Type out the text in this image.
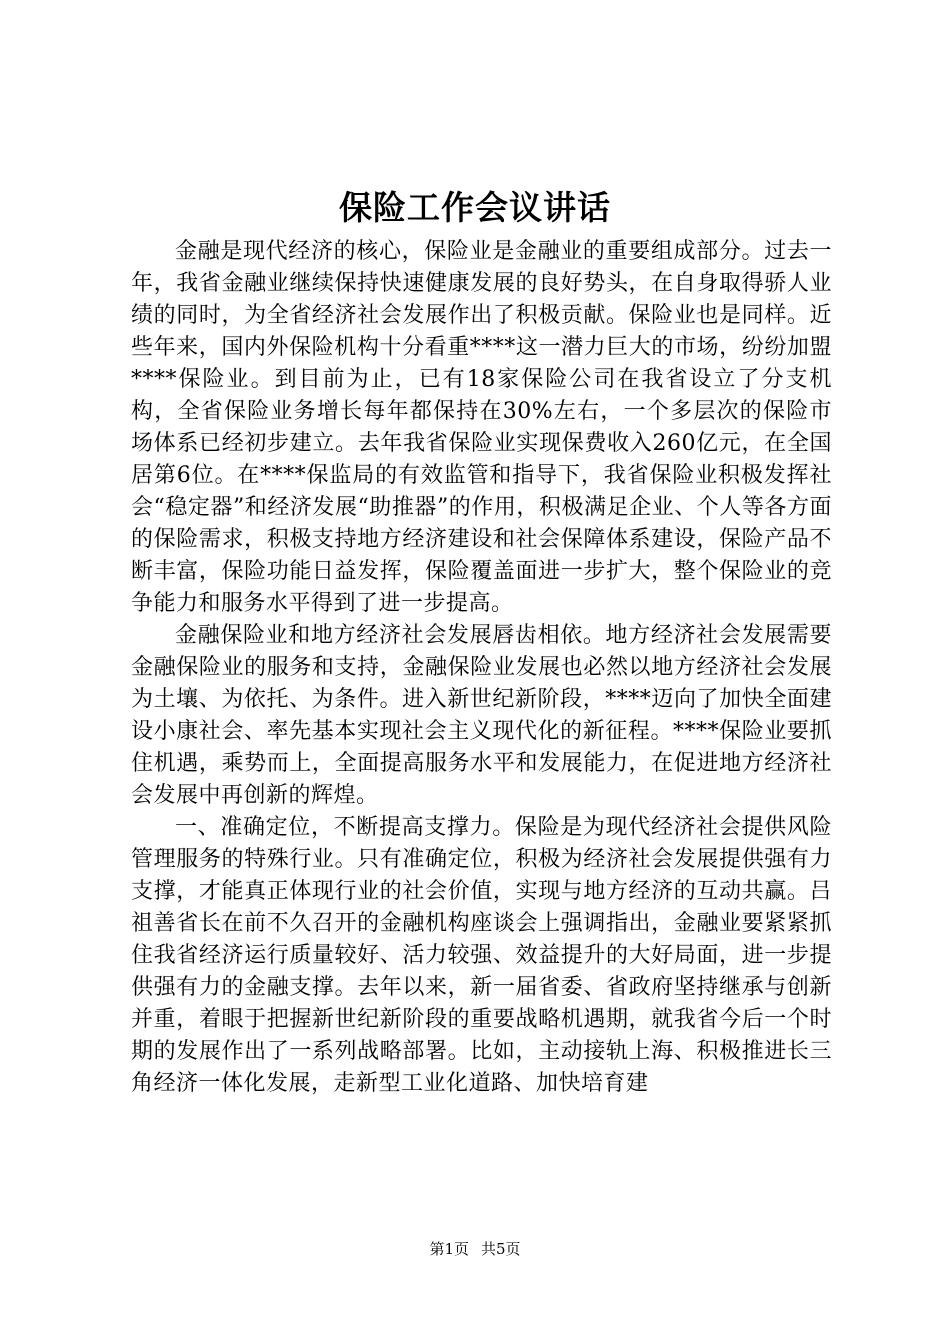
保险工作会议讲话

金融是现代经济的核心，保险业是金融业的重要组成部分。过去一年，我省金融业继续保持快速健康发展的良好势头，在自身取得骄人业绩的同时，为全省经济社会发展作出了积极贡献。保险业也是同样。近些年来，国内外保险机构十分看重****这一潜力巨大的市场，纷纷加盟****保险业。到目前为止，已有18家保险公司在我省设立了分支机构，全省保险业务增长每年都保持在30%左右，一个多层次的保险市场体系已经初步建立。去年我省保险业实现保费收入260亿元，在全国居第6位。在****保监局的有效监管和指导下，我省保险业积极发挥社会“稳定器”和经济发展“助推器”的作用，积极满足企业、个人等各方面的保险需求，积极支持地方经济建设和社会保障体系建设，保险产品不断丰富，保险功能日益发挥，保险覆盖面进一步扩大，整个保险业的竞争能力和服务水平得到了进一步提高。

金融保险业和地方经济社会发展唇齿相依。地方经济社会发展需要金融保险业的服务和支持，金融保险业发展也必然以地方经济社会发展为土壤、为依托、为条件。进入新世纪新阶段，****迈向了加快全面建设小康社会、率先基本实现社会主义现代化的新征程。****保险业要抓住机遇，乘势而上，全面提高服务水平和发展能力，在促进地方经济社会发展中再创新的辉煌。

一、准确定位，不断提高支撑力。保险是为现代经济社会提供风险管理服务的特殊行业。只有准确定位，积极为经济社会发展提供强有力支撑，才能真正体现行业的社会价值，实现与地方经济的互动共赢。吕祖善省长在前不久召开的金融机构座谈会上强调指出，金融业要紧紧抓住我省经济运行质量较好、活力较强、效益提升的大好局面，进一步提供强有力的金融支撑。去年以来，新一届省委、省政府坚持继承与创新并重，着眼于把握新世纪新阶段的重要战略机遇期，就我省今后一个时期的发展作出了一系列战略部署。比如，主动接轨上海、积极推进长三角经济一体化发展，走新型工业化道路、加快培育建

第1页 共5页
